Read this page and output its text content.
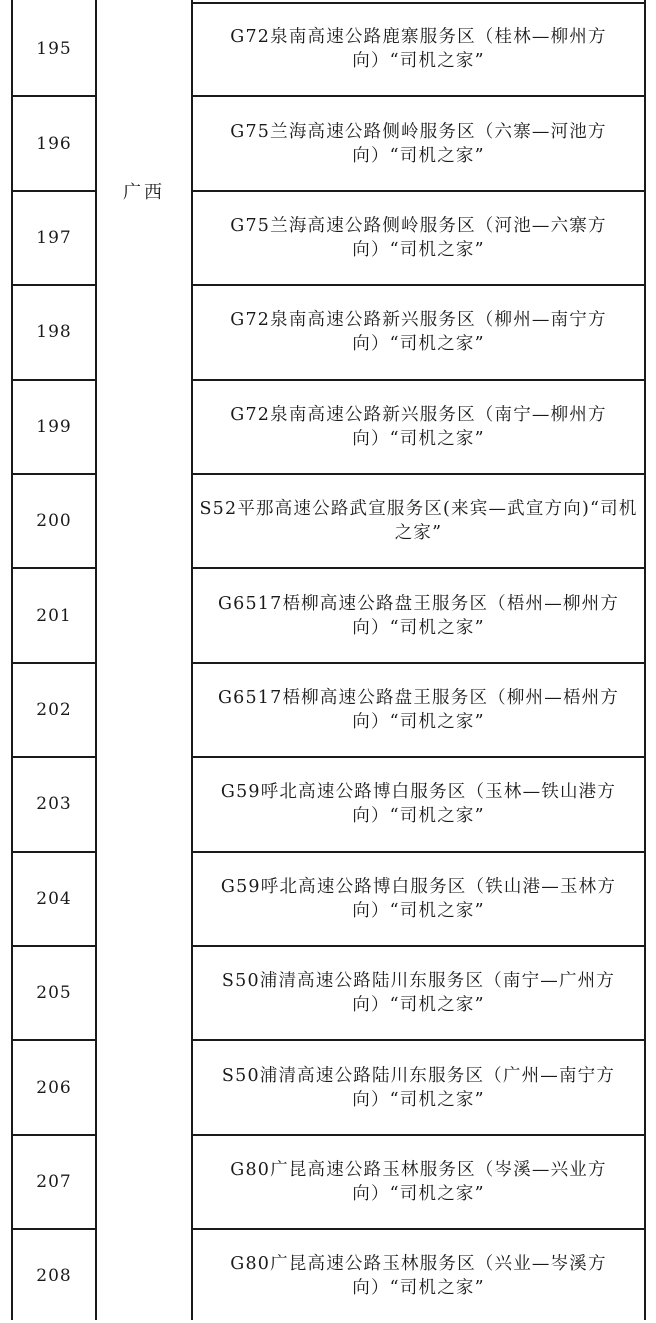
广西
195
G72泉南高速公路鹿寨服务区（桂林—柳州方向）“司机之家”
196
G75兰海高速公路侧岭服务区（六寨—河池方向）“司机之家”
197
G75兰海高速公路侧岭服务区（河池—六寨方向）“司机之家”
198
G72泉南高速公路新兴服务区（柳州—南宁方向）“司机之家”
199
G72泉南高速公路新兴服务区（南宁—柳州方向）“司机之家”
200
S52平那高速公路武宣服务区(来宾—武宣方向)“司机之家”
201
G6517梧柳高速公路盘王服务区（梧州—柳州方向）“司机之家”
202
G6517梧柳高速公路盘王服务区（柳州—梧州方向）“司机之家”
203
G59呼北高速公路博白服务区（玉林—铁山港方向）“司机之家”
204
G59呼北高速公路博白服务区（铁山港—玉林方向）“司机之家”
205
S50浦清高速公路陆川东服务区（南宁—广州方向）“司机之家”
206
S50浦清高速公路陆川东服务区（广州—南宁方向）“司机之家”
207
G80广昆高速公路玉林服务区（岑溪—兴业方向）“司机之家”
208
G80广昆高速公路玉林服务区（兴业—岑溪方向）“司机之家”
